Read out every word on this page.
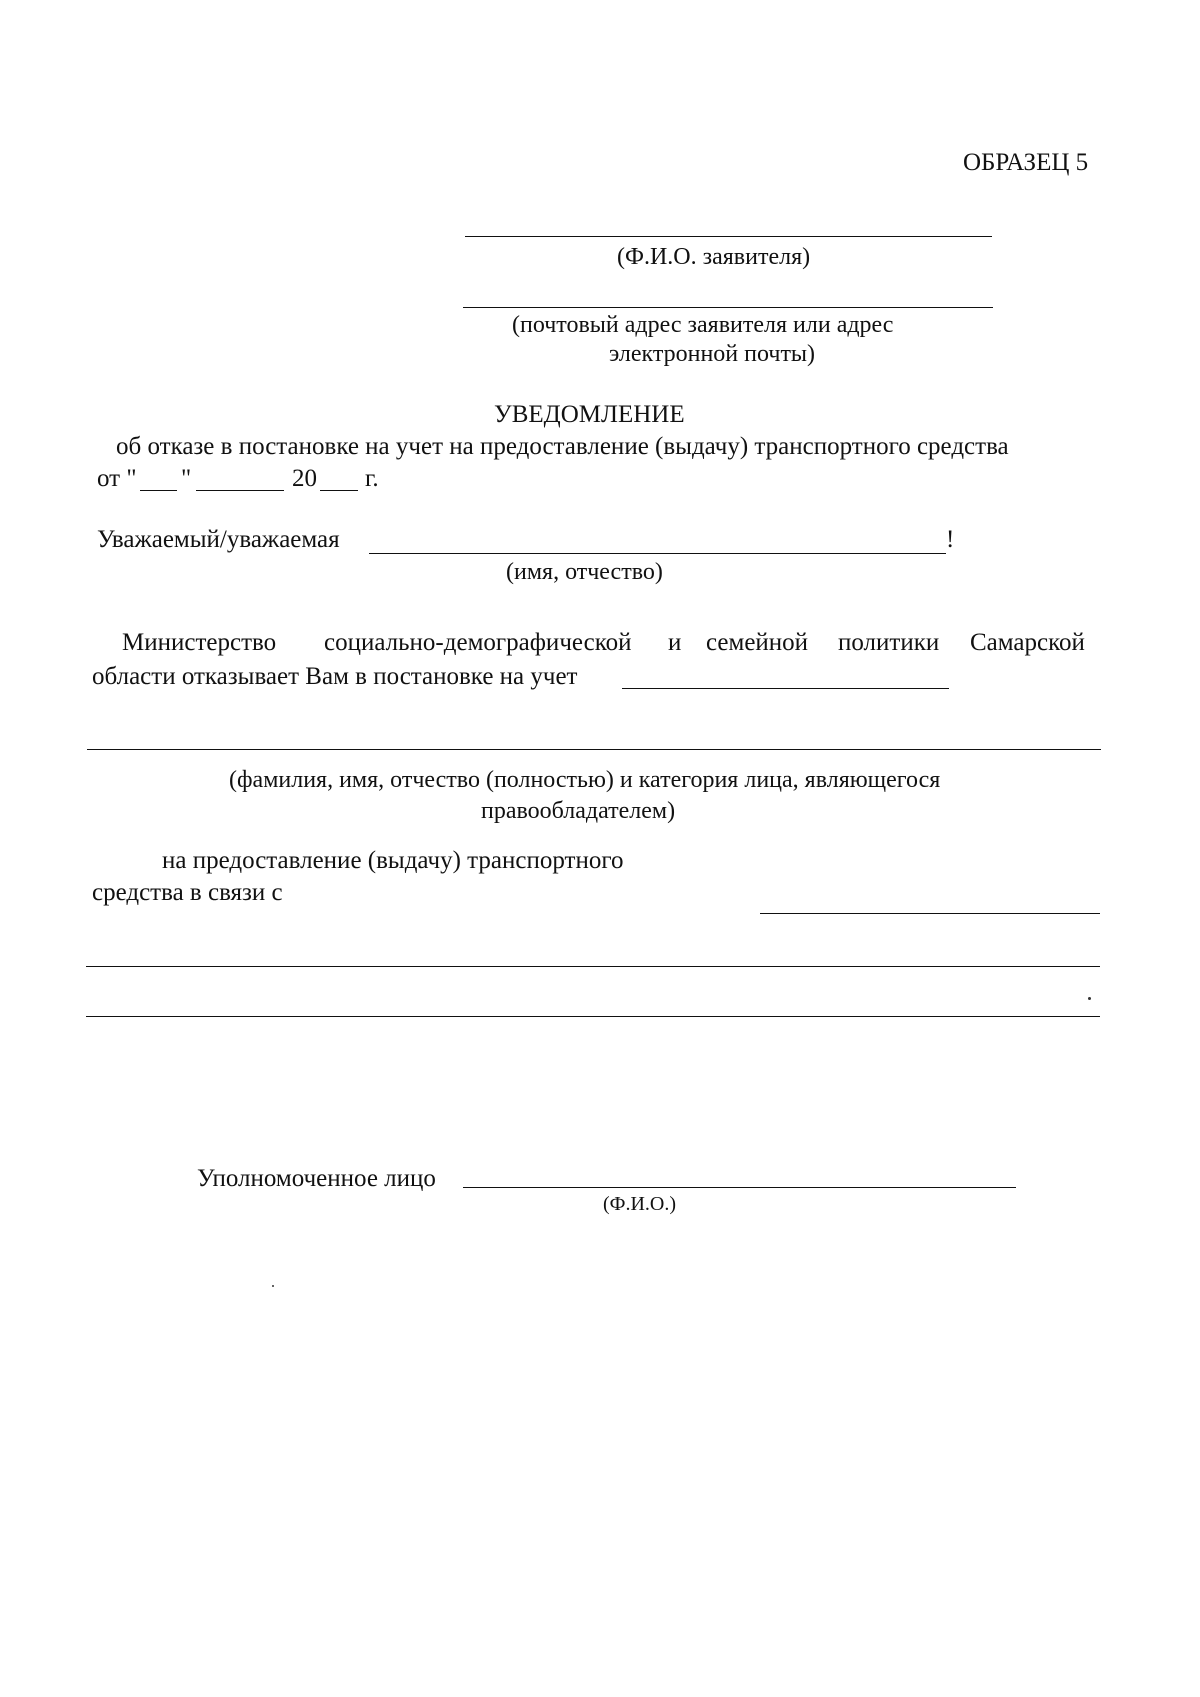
ОБРАЗЕЦ 5
(Ф.И.О. заявителя)
(почтовый адрес заявителя или адрес
электронной почты)
УВЕДОМЛЕНИЕ
об отказе в постановке на учет на предоставление (выдачу) транспортного средства
от " "	20 г.
Уважаемый/уважаемая	!
(имя, отчество)
Министерство социально-демографической и семейной политики Самарской
области отказывает Вам в постановке на учет
(фамилия, имя, отчество (полностью) и категория лица, являющегося
правообладателем)
на предоставление (выдачу) транспортного
средства в связи с
Уполномоченное лицо
(Ф.И.О.)
